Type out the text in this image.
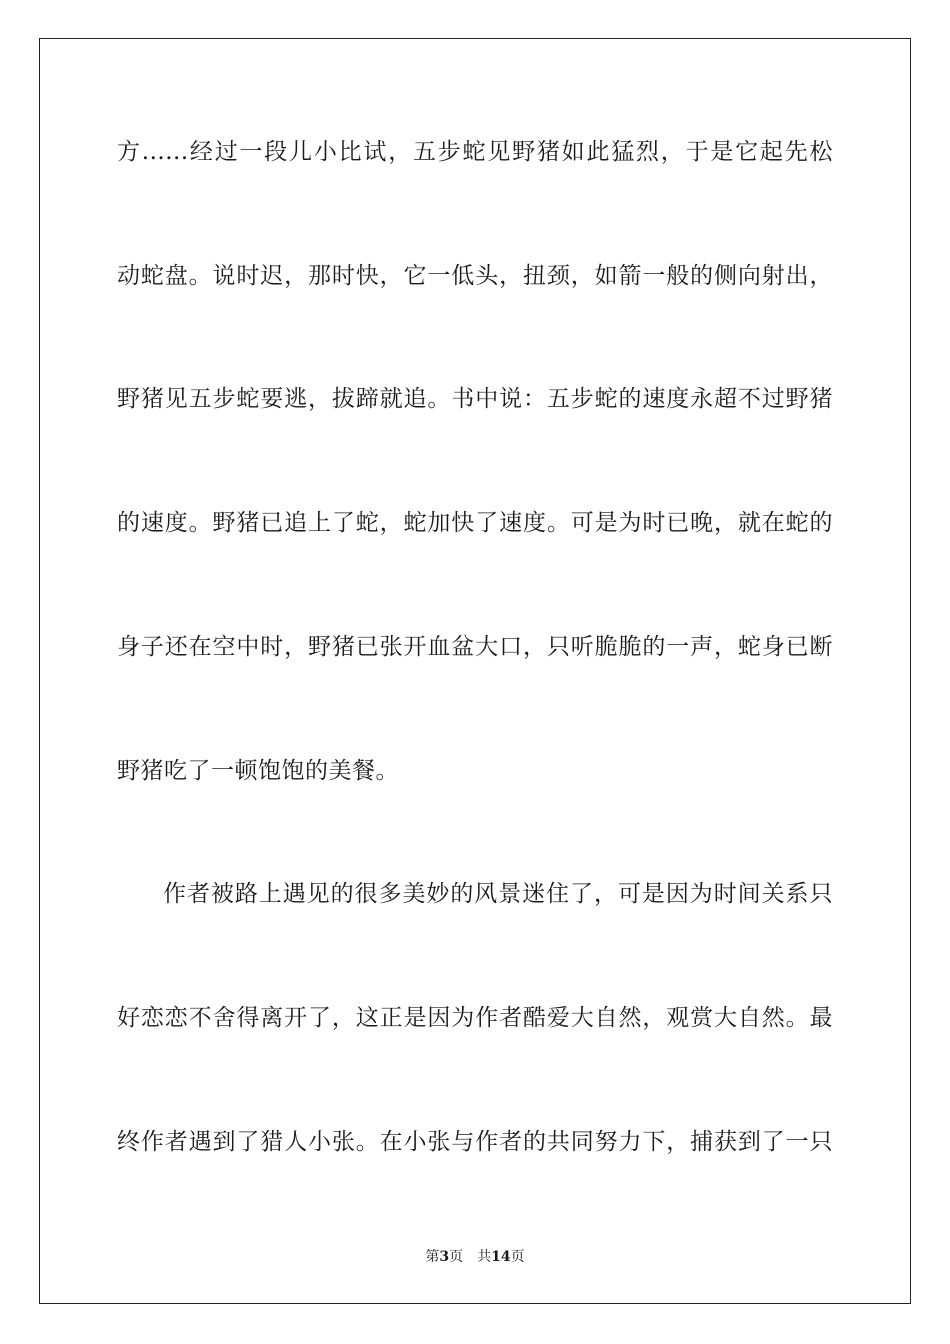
方......经过一段儿小比试，五步蛇见野猪如此猛烈，于是它起先松
动蛇盘。说时迟，那时快，它一低头，扭颈，如箭一般的侧向射出，
野猪见五步蛇要逃，拔蹄就追。书中说：五步蛇的速度永超不过野猪
的速度。野猪已追上了蛇，蛇加快了速度。可是为时已晚，就在蛇的
身子还在空中时，野猪已张开血盆大口，只听脆脆的一声，蛇身已断
野猪吃了一顿饱饱的美餐。
作者被路上遇见的很多美妙的风景迷住了，可是因为时间关系只
好恋恋不舍得离开了，这正是因为作者酷爱大自然，观赏大自然。最
终作者遇到了猎人小张。在小张与作者的共同努力下，捕获到了一只
第3页 共14页
